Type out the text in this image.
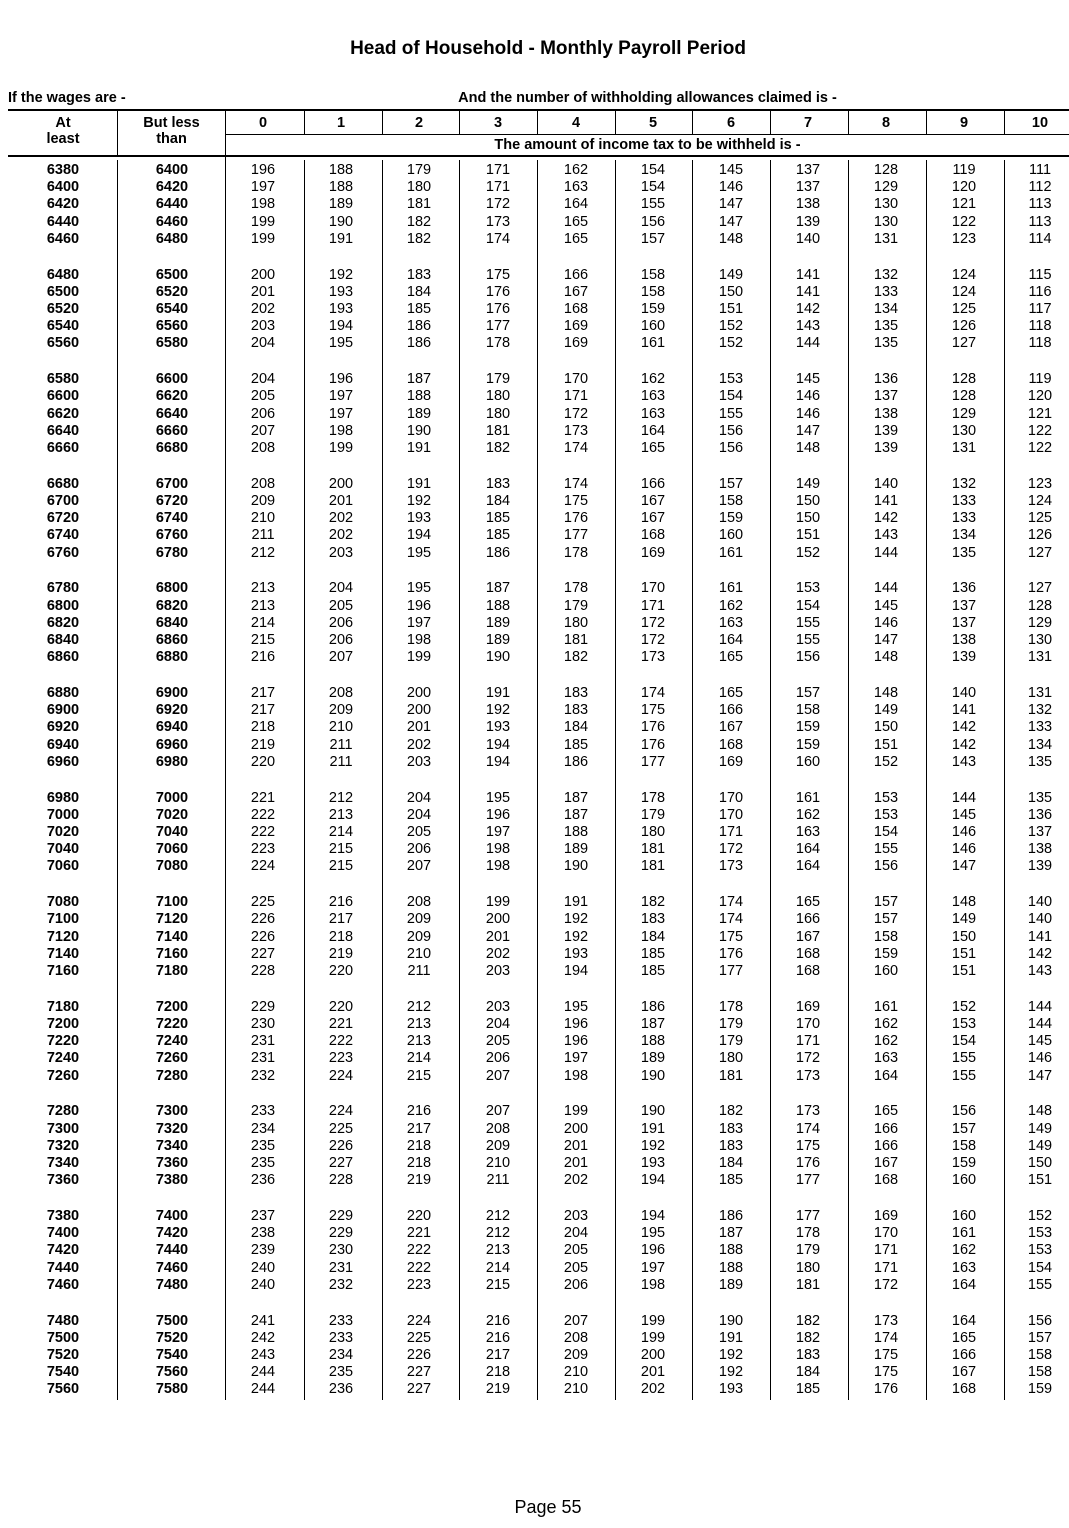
Head of Household - Monthly Payroll Period
If the wages are -	And the number of withholding allowances claimed is -
At
least
But less
than
0	1	2	3	4	5	6	7	8	9	10
The amount of income tax to be withheld is -
6380	6400	196	188	179	171	162	154	145	137	128	119	111
6400	6420	197	188	180	171	163	154	146	137	129	120	112
6420	6440	198	189	181	172	164	155	147	138	130	121	113
6440	6460	199	190	182	173	165	156	147	139	130	122	113
6460	6480	199	191	182	174	165	157	148	140	131	123	114
6480	6500	200	192	183	175	166	158	149	141	132	124	115
6500	6520	201	193	184	176	167	158	150	141	133	124	116
6520	6540	202	193	185	176	168	159	151	142	134	125	117
6540	6560	203	194	186	177	169	160	152	143	135	126	118
6560	6580	204	195	186	178	169	161	152	144	135	127	118
6580	6600	204	196	187	179	170	162	153	145	136	128	119
6600	6620	205	197	188	180	171	163	154	146	137	128	120
6620	6640	206	197	189	180	172	163	155	146	138	129	121
6640	6660	207	198	190	181	173	164	156	147	139	130	122
6660	6680	208	199	191	182	174	165	156	148	139	131	122
6680	6700	208	200	191	183	174	166	157	149	140	132	123
6700	6720	209	201	192	184	175	167	158	150	141	133	124
6720	6740	210	202	193	185	176	167	159	150	142	133	125
6740	6760	211	202	194	185	177	168	160	151	143	134	126
6760	6780	212	203	195	186	178	169	161	152	144	135	127
6780	6800	213	204	195	187	178	170	161	153	144	136	127
6800	6820	213	205	196	188	179	171	162	154	145	137	128
6820	6840	214	206	197	189	180	172	163	155	146	137	129
6840	6860	215	206	198	189	181	172	164	155	147	138	130
6860	6880	216	207	199	190	182	173	165	156	148	139	131
6880	6900	217	208	200	191	183	174	165	157	148	140	131
6900	6920	217	209	200	192	183	175	166	158	149	141	132
6920	6940	218	210	201	193	184	176	167	159	150	142	133
6940	6960	219	211	202	194	185	176	168	159	151	142	134
6960	6980	220	211	203	194	186	177	169	160	152	143	135
6980	7000	221	212	204	195	187	178	170	161	153	144	135
7000	7020	222	213	204	196	187	179	170	162	153	145	136
7020	7040	222	214	205	197	188	180	171	163	154	146	137
7040	7060	223	215	206	198	189	181	172	164	155	146	138
7060	7080	224	215	207	198	190	181	173	164	156	147	139
7080	7100	225	216	208	199	191	182	174	165	157	148	140
7100	7120	226	217	209	200	192	183	174	166	157	149	140
7120	7140	226	218	209	201	192	184	175	167	158	150	141
7140	7160	227	219	210	202	193	185	176	168	159	151	142
7160	7180	228	220	211	203	194	185	177	168	160	151	143
7180	7200	229	220	212	203	195	186	178	169	161	152	144
7200	7220	230	221	213	204	196	187	179	170	162	153	144
7220	7240	231	222	213	205	196	188	179	171	162	154	145
7240	7260	231	223	214	206	197	189	180	172	163	155	146
7260	7280	232	224	215	207	198	190	181	173	164	155	147
7280	7300	233	224	216	207	199	190	182	173	165	156	148
7300	7320	234	225	217	208	200	191	183	174	166	157	149
7320	7340	235	226	218	209	201	192	183	175	166	158	149
7340	7360	235	227	218	210	201	193	184	176	167	159	150
7360	7380	236	228	219	211	202	194	185	177	168	160	151
7380	7400	237	229	220	212	203	194	186	177	169	160	152
7400	7420	238	229	221	212	204	195	187	178	170	161	153
7420	7440	239	230	222	213	205	196	188	179	171	162	153
7440	7460	240	231	222	214	205	197	188	180	171	163	154
7460	7480	240	232	223	215	206	198	189	181	172	164	155
7480	7500	241	233	224	216	207	199	190	182	173	164	156
7500	7520	242	233	225	216	208	199	191	182	174	165	157
7520	7540	243	234	226	217	209	200	192	183	175	166	158
7540	7560	244	235	227	218	210	201	192	184	175	167	158
7560	7580	244	236	227	219	210	202	193	185	176	168	159
Page 55
